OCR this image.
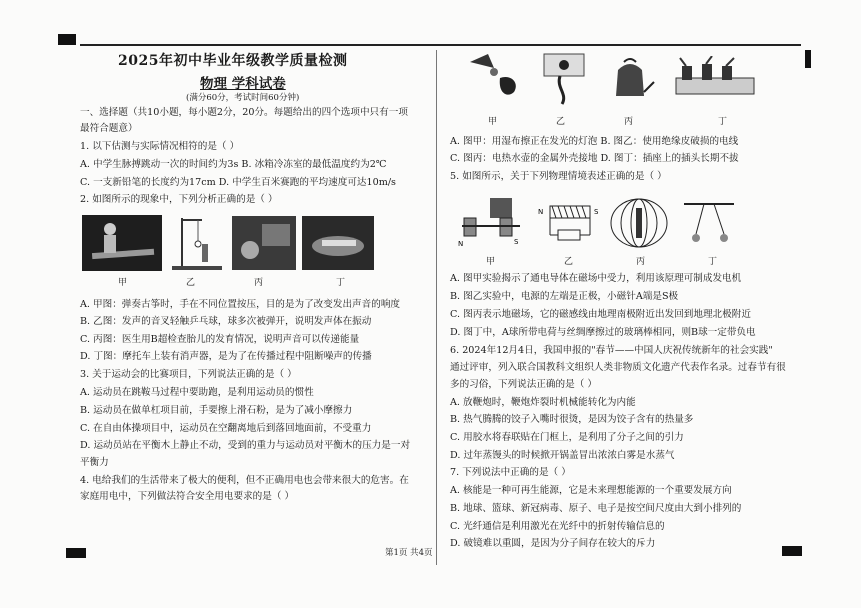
2025年初中毕业年级教学质量检测
物理 学科试卷
(满分60分，考试时间60分钟)
一、选择题（共10小题，每小题2分，20分。每题给出的四个选项中只有一项
最符合题意）
1. 以下估测与实际情况相符的是（ ）
A. 中学生脉搏跳动一次的时间约为3s B. 冰箱冷冻室的最低温度约为2℃
C. 一支新铅笔的长度约为17cm D. 中学生百米赛跑的平均速度可达10m/s
2. 如图所示的现象中，下列分析正确的是（ ）
甲	乙	丙	丁
A. 甲图：弹奏古筝时，手在不同位置按压，目的是为了改变发出声音的响度
B. 乙图：发声的音叉轻触乒乓球，球多次被弹开，说明发声体在振动
C. 丙图：医生用B超检查胎儿的发育情况，说明声音可以传递能量
D. 丁图：摩托车上装有消声器，是为了在传播过程中阻断噪声的传播
3. 关于运动会的比赛项目，下列说法正确的是（ ）
A. 运动员在跳鞍马过程中要助跑，是利用运动员的惯性
B. 运动员在做单杠项目前，手要擦上滑石粉，是为了减小摩擦力
C. 在自由体操项目中，运动员在空翻离地后到落回地面前，不受重力
D. 运动员站在平衡木上静止不动，受到的重力与运动员对平衡木的压力是一对
平衡力
4. 电给我们的生活带来了极大的便利，但不正确用电也会带来很大的危害。在
家庭用电中，下列做法符合安全用电要求的是（ ）
甲	乙	丙	丁
A. 图甲：用湿布擦正在发光的灯泡 B. 图乙：使用绝缘皮破损的电线
C. 图丙：电热水壶的金属外壳接地 D. 图丁：插座上的插头长期不拔
5. 如图所示，关于下列物理情境表述正确的是（ ）
N	S
N	S
甲	乙	丙	丁
A. 图甲实验揭示了通电导体在磁场中受力，利用该原理可制成发电机
B. 图乙实验中，电源的左端是正极，小磁针A端是S极
C. 图丙表示地磁场，它的磁感线由地理南极附近出发回到地理北极附近
D. 图丁中，A球所带电荷与丝绸摩擦过的玻璃棒相同，则B球一定带负电
6. 2024年12月4日，我国申报的"春节——中国人庆祝传统新年的社会实践"
通过评审，列入联合国教科文组织人类非物质文化遗产代表作名录。过春节有很
多的习俗，下列说法正确的是（ ）
A. 放鞭炮时，鞭炮炸裂时机械能转化为内能
B. 热气腾腾的饺子入嘴时很烫，是因为饺子含有的热量多
C. 用胶水将春联贴在门框上，是利用了分子之间的引力
D. 过年蒸馒头的时候掀开锅盖冒出浓浓白雾是水蒸气
7. 下列说法中正确的是（ ）
A. 核能是一种可再生能源，它是未来理想能源的一个重要发展方向
B. 地球、篮球、新冠病毒、原子、电子是按空间尺度由大到小排列的
C. 光纤通信是利用激光在光纤中的折射传输信息的
D. 破镜难以重圆，是因为分子间存在较大的斥力
第1页 共4页
